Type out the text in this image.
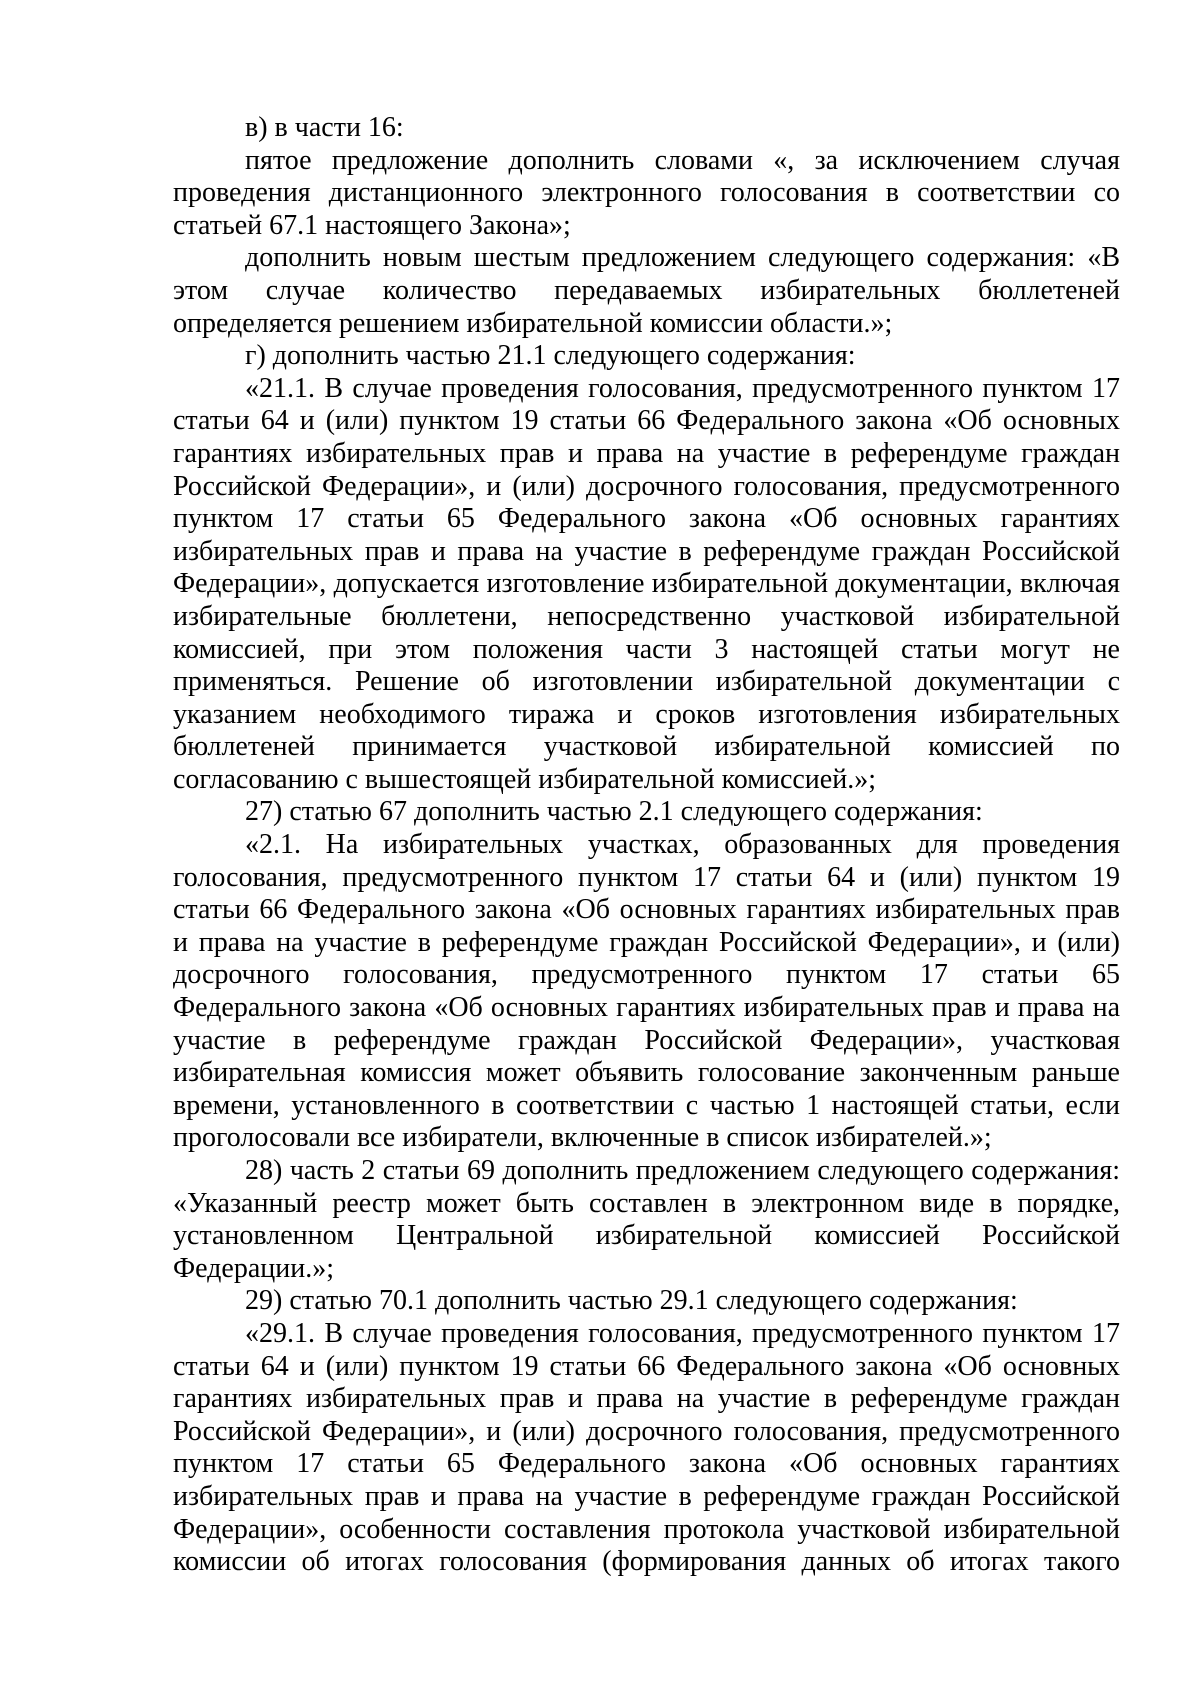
в) в части 16:

пятое предложение дополнить словами «, за исключением случая проведения дистанционного электронного голосования в соответствии со статьей 67.1 настоящего Закона»;

дополнить новым шестым предложением следующего содержания: «В этом случае количество передаваемых избирательных бюллетеней определяется решением избирательной комиссии области.»;

г) дополнить частью 21.1 следующего содержания:

«21.1. В случае проведения голосования, предусмотренного пунктом 17 статьи 64 и (или) пунктом 19 статьи 66 Федерального закона «Об основных гарантиях избирательных прав и права на участие в референдуме граждан Российской Федерации», и (или) досрочного голосования, предусмотренного пунктом 17 статьи 65 Федерального закона «Об основных гарантиях избирательных прав и права на участие в референдуме граждан Российской Федерации», допускается изготовление избирательной документации, включая избирательные бюллетени, непосредственно участковой избирательной комиссией, при этом положения части 3 настоящей статьи могут не применяться. Решение об изготовлении избирательной документации с указанием необходимого тиража и сроков изготовления избирательных бюллетеней принимается участковой избирательной комиссией по согласованию с вышестоящей избирательной комиссией.»;

27) статью 67 дополнить частью 2.1 следующего содержания:

«2.1. На избирательных участках, образованных для проведения голосования, предусмотренного пунктом 17 статьи 64 и (или) пунктом 19 статьи 66 Федерального закона «Об основных гарантиях избирательных прав и права на участие в референдуме граждан Российской Федерации», и (или) досрочного голосования, предусмотренного пунктом 17 статьи 65 Федерального закона «Об основных гарантиях избирательных прав и права на участие в референдуме граждан Российской Федерации», участковая избирательная комиссия может объявить голосование законченным раньше времени, установленного в соответствии с частью 1 настоящей статьи, если проголосовали все избиратели, включенные в список избирателей.»;

28) часть 2 статьи 69 дополнить предложением следующего содержания: «Указанный реестр может быть составлен в электронном виде в порядке, установленном Центральной избирательной комиссией Российской Федерации.»;

29) статью 70.1 дополнить частью 29.1 следующего содержания:

«29.1. В случае проведения голосования, предусмотренного пунктом 17 статьи 64 и (или) пунктом 19 статьи 66 Федерального закона «Об основных гарантиях избирательных прав и права на участие в референдуме граждан Российской Федерации», и (или) досрочного голосования, предусмотренного пунктом 17 статьи 65 Федерального закона «Об основных гарантиях избирательных прав и права на участие в референдуме граждан Российской Федерации», особенности составления протокола участковой избирательной комиссии об итогах голосования (формирования данных об итогах такого
